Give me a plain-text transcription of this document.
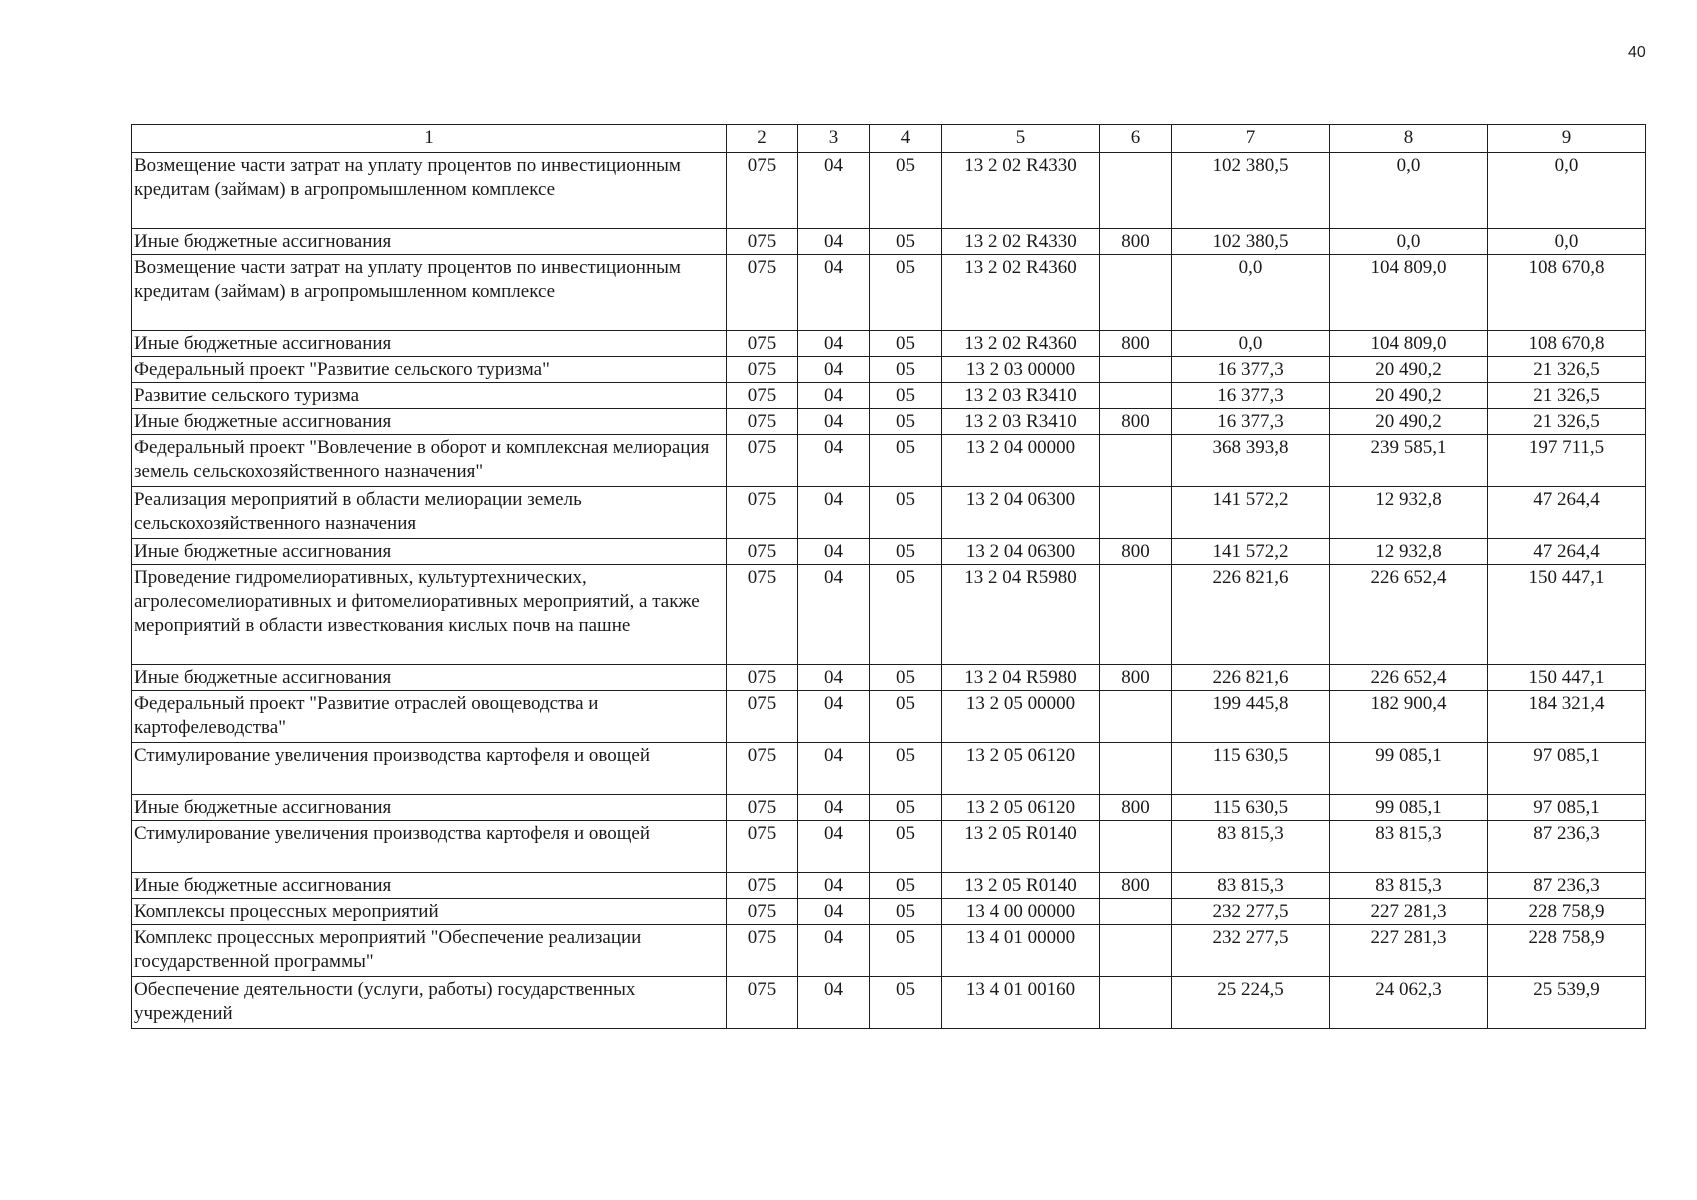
40
1	2	3	4	5	6	7	8	9
Возмещение части затрат на уплату процентов по инвестиционным кредитам (займам) в агропромышленном комплексе	075	04	05	13 2 02 R4330		102 380,5	0,0	0,0
Иные бюджетные ассигнования	075	04	05	13 2 02 R4330	800	102 380,5	0,0	0,0
Возмещение части затрат на уплату процентов по инвестиционным кредитам (займам) в агропромышленном комплексе	075	04	05	13 2 02 R4360		0,0	104 809,0	108 670,8
Иные бюджетные ассигнования	075	04	05	13 2 02 R4360	800	0,0	104 809,0	108 670,8
Федеральный проект "Развитие сельского туризма"	075	04	05	13 2 03 00000		16 377,3	20 490,2	21 326,5
Развитие сельского туризма	075	04	05	13 2 03 R3410		16 377,3	20 490,2	21 326,5
Иные бюджетные ассигнования	075	04	05	13 2 03 R3410	800	16 377,3	20 490,2	21 326,5
Федеральный проект "Вовлечение в оборот и комплексная мелиорация земель сельскохозяйственного назначения"	075	04	05	13 2 04 00000		368 393,8	239 585,1	197 711,5
Реализация мероприятий в области мелиорации земель сельскохозяйственного назначения	075	04	05	13 2 04 06300		141 572,2	12 932,8	47 264,4
Иные бюджетные ассигнования	075	04	05	13 2 04 06300	800	141 572,2	12 932,8	47 264,4
Проведение гидромелиоративных, культуртехнических, агролесомелиоративных и фитомелиоративных мероприятий, а также мероприятий в области известкования кислых почв на пашне	075	04	05	13 2 04 R5980		226 821,6	226 652,4	150 447,1
Иные бюджетные ассигнования	075	04	05	13 2 04 R5980	800	226 821,6	226 652,4	150 447,1
Федеральный проект "Развитие отраслей овощеводства и картофелеводства"	075	04	05	13 2 05 00000		199 445,8	182 900,4	184 321,4
Стимулирование увеличения производства картофеля и овощей	075	04	05	13 2 05 06120		115 630,5	99 085,1	97 085,1
Иные бюджетные ассигнования	075	04	05	13 2 05 06120	800	115 630,5	99 085,1	97 085,1
Стимулирование увеличения производства картофеля и овощей	075	04	05	13 2 05 R0140		83 815,3	83 815,3	87 236,3
Иные бюджетные ассигнования	075	04	05	13 2 05 R0140	800	83 815,3	83 815,3	87 236,3
Комплексы процессных мероприятий	075	04	05	13 4 00 00000		232 277,5	227 281,3	228 758,9
Комплекс процессных мероприятий "Обеспечение реализации государственной программы"	075	04	05	13 4 01 00000		232 277,5	227 281,3	228 758,9
Обеспечение деятельности (услуги, работы) государственных учреждений	075	04	05	13 4 01 00160		25 224,5	24 062,3	25 539,9
